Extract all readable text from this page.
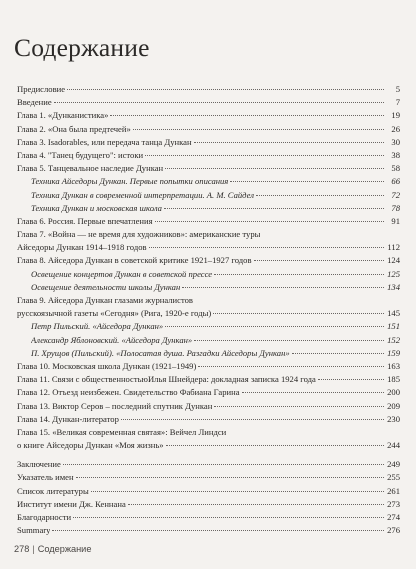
Содержание
Предисловие	5
Введение	7
Глава 1. «Дунканистика»	19
Глава 2. «Она была предтечей»	26
Глава 3. Isadorables, или передача танца Дункан	30
Глава 4. "Танец будущего": истоки	38
Глава 5. Танцевальное наследие Дункан	58
Техника Айседоры Дункан. Первые попытки описания	66
Техника Дункан в современной интерпретации. А. М. Сайдел	72
Техника Дункан и московская школа	78
Глава 6. Россия. Первые впечатления	91
Глава 7. «Война — не время для художников»: американские туры
Айседоры Дункан 1914–1918 годов	112
Глава 8. Айседора Дункан в советской критике 1921–1927 годов	124
Освещение концертов Дункан в советской прессе	125
Освещение деятельности школы Дункан	134
Глава 9. Айседора Дункан глазами журналистов
русскоязычной газеты «Сегодня» (Рига, 1920-е годы)	145
Петр Пильский. «Айседора Дункан»	151
Александр Яблоновский. «Айседора Дункан»	152
П. Хрущов (Пильский). «Полосатая душа. Разгадки Айседоры Дункан»	159
Глава 10. Московская школа Дункан (1921–1949)	163
Глава 11. Связи с общественностьюИлья Шнейдера: докладная записка 1924 года	185
Глава 12. Отъезд неизбежен. Свидетельство Фабиана Гарина	200
Глава 13. Виктор Серов – последний спутник Дункан	209
Глава 14. Дункан-литератор	230
Глава 15. «Великая современная святая»: Вейчел Линдси
о книге Айседоры Дункан «Моя жизнь»	244
Заключение	249
Указатель имен	255
Список литературы	261
Институт имени Дж. Кеннана	273
Благодарности	274
Summary	276
278 | Содержание
